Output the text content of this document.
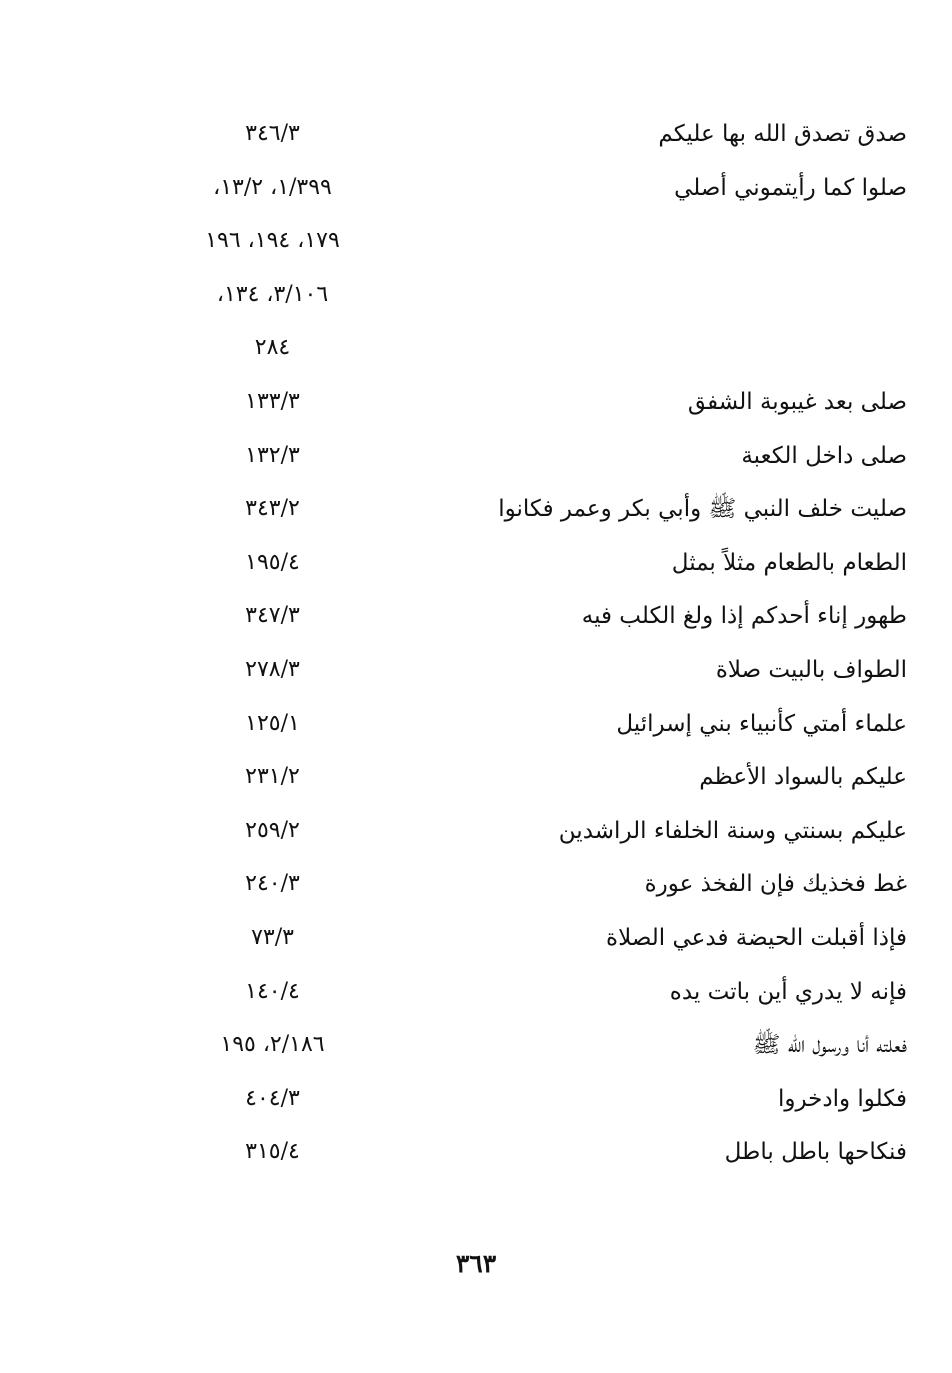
صدق تصدق الله بها عليكم
٣٤٦/٣
صلوا كما رأيتموني أصلي
١/٣٩٩، ١٣/٢،
١٧٩، ١٩٤، ١٩٦
٣/١٠٦، ١٣٤،
٢٨٤
صلى بعد غيبوبة الشفق
١٣٣/٣
صلى داخل الكعبة
١٣٢/٣
صليت خلف النبي ﷺ وأبي بكر وعمر فكانوا
٣٤٣/٢
الطعام بالطعام مثلاً بمثل
١٩٥/٤
طهور إناء أحدكم إذا ولغ الكلب فيه
٣٤٧/٣
الطواف بالبيت صلاة
٢٧٨/٣
علماء أمتي كأنبياء بني إسرائيل
١٢٥/١
عليكم بالسواد الأعظم
٢٣١/٢
عليكم بسنتي وسنة الخلفاء الراشدين
٢٥٩/٢
غط فخذيك فإن الفخذ عورة
٢٤٠/٣
فإذا أقبلت الحيضة فدعي الصلاة
٧٣/٣
فإنه لا يدري أين باتت يده
١٤٠/٤
فعلته أنا ورسول الله ﷺ
٢/١٨٦، ١٩٥
فكلوا وادخروا
٤٠٤/٣
فنكاحها باطل باطل
٣١٥/٤
٣٦٣
